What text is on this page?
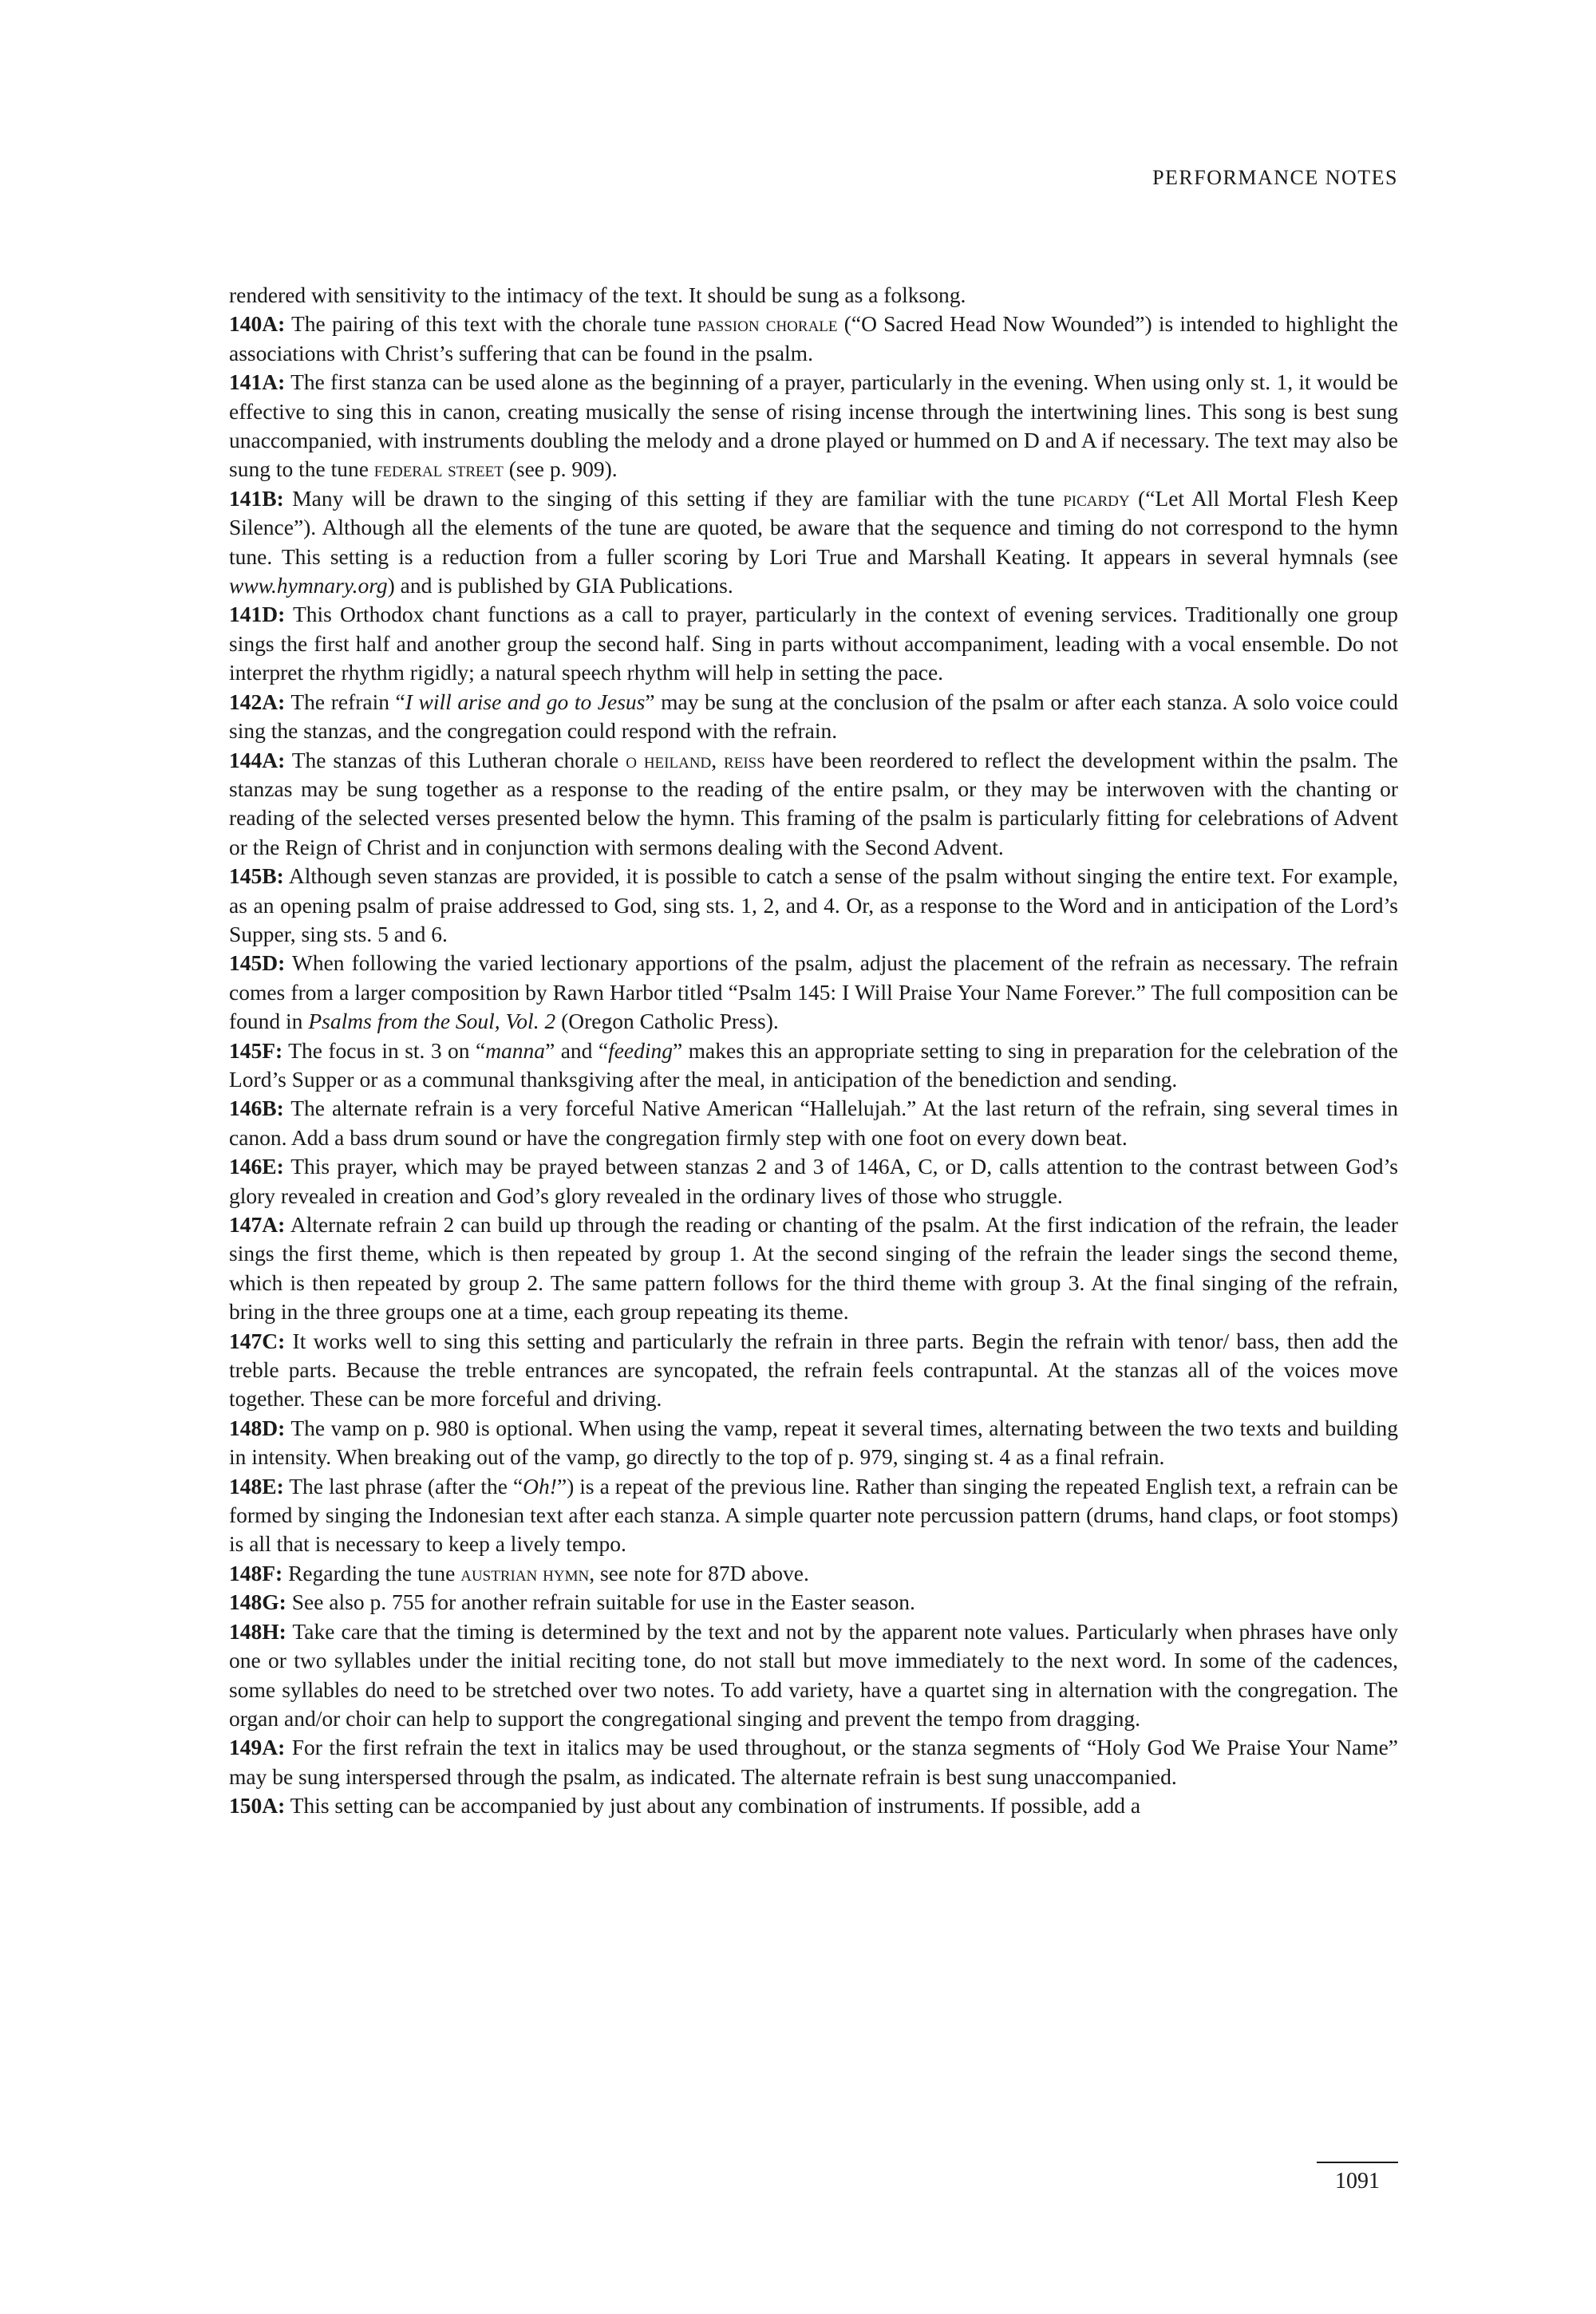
PERFORMANCE NOTES

rendered with sensitivity to the intimacy of the text. It should be sung as a folksong.

140A: The pairing of this text with the chorale tune passion chorale (“O Sacred Head Now Wounded”) is intended to highlight the associations with Christ’s suffering that can be found in the psalm.

141A: The first stanza can be used alone as the beginning of a prayer, particularly in the evening. When using only st. 1, it would be effective to sing this in canon, creating musically the sense of rising incense through the intertwining lines. This song is best sung unaccompanied, with instruments doubling the melody and a drone played or hummed on D and A if necessary. The text may also be sung to the tune federal street (see p. 909).

141B: Many will be drawn to the singing of this setting if they are familiar with the tune picardy (“Let All Mortal Flesh Keep Silence”). Although all the elements of the tune are quoted, be aware that the sequence and timing do not correspond to the hymn tune. This setting is a reduction from a fuller scoring by Lori True and Marshall Keating. It appears in several hymnals (see www.hymnary.org) and is published by GIA Publications.

141D: This Orthodox chant functions as a call to prayer, particularly in the context of evening services. Traditionally one group sings the first half and another group the second half. Sing in parts without accompaniment, leading with a vocal ensemble. Do not interpret the rhythm rigidly; a natural speech rhythm will help in setting the pace.

142A: The refrain “I will arise and go to Jesus” may be sung at the conclusion of the psalm or after each stanza. A solo voice could sing the stanzas, and the congregation could respond with the refrain.

144A: The stanzas of this Lutheran chorale o heiland, reiss have been reordered to reflect the development within the psalm. The stanzas may be sung together as a response to the reading of the entire psalm, or they may be interwoven with the chanting or reading of the selected verses presented below the hymn. This framing of the psalm is particularly fitting for celebrations of Advent or the Reign of Christ and in conjunction with sermons dealing with the Second Advent.

145B: Although seven stanzas are provided, it is possible to catch a sense of the psalm without singing the entire text. For example, as an opening psalm of praise addressed to God, sing sts. 1, 2, and 4. Or, as a response to the Word and in anticipation of the Lord’s Supper, sing sts. 5 and 6.

145D: When following the varied lectionary apportions of the psalm, adjust the placement of the refrain as necessary. The refrain comes from a larger composition by Rawn Harbor titled “Psalm 145: I Will Praise Your Name Forever.” The full composition can be found in Psalms from the Soul, Vol. 2 (Oregon Catholic Press).

145F: The focus in st. 3 on “manna” and “feeding” makes this an appropriate setting to sing in preparation for the celebration of the Lord’s Supper or as a communal thanksgiving after the meal, in anticipation of the benediction and sending.

146B: The alternate refrain is a very forceful Native American “Hallelujah.” At the last return of the refrain, sing several times in canon. Add a bass drum sound or have the congregation firmly step with one foot on every down beat.

146E: This prayer, which may be prayed between stanzas 2 and 3 of 146A, C, or D, calls attention to the contrast between God’s glory revealed in creation and God’s glory revealed in the ordinary lives of those who struggle.

147A: Alternate refrain 2 can build up through the reading or chanting of the psalm. At the first indication of the refrain, the leader sings the first theme, which is then repeated by group 1. At the second singing of the refrain the leader sings the second theme, which is then repeated by group 2. The same pattern follows for the third theme with group 3. At the final singing of the refrain, bring in the three groups one at a time, each group repeating its theme.

147C: It works well to sing this setting and particularly the refrain in three parts. Begin the refrain with tenor/ bass, then add the treble parts. Because the treble entrances are syncopated, the refrain feels contrapuntal. At the stanzas all of the voices move together. These can be more forceful and driving.

148D: The vamp on p. 980 is optional. When using the vamp, repeat it several times, alternating between the two texts and building in intensity. When breaking out of the vamp, go directly to the top of p. 979, singing st. 4 as a final refrain.

148E: The last phrase (after the “Oh!”) is a repeat of the previous line. Rather than singing the repeated English text, a refrain can be formed by singing the Indonesian text after each stanza. A simple quarter note percussion pattern (drums, hand claps, or foot stomps) is all that is necessary to keep a lively tempo.

148F: Regarding the tune austrian hymn, see note for 87D above.

148G: See also p. 755 for another refrain suitable for use in the Easter season.

148H: Take care that the timing is determined by the text and not by the apparent note values. Particularly when phrases have only one or two syllables under the initial reciting tone, do not stall but move immediately to the next word. In some of the cadences, some syllables do need to be stretched over two notes. To add variety, have a quartet sing in alternation with the congregation. The organ and/or choir can help to support the congregational singing and prevent the tempo from dragging.

149A: For the first refrain the text in italics may be used throughout, or the stanza segments of “Holy God We Praise Your Name” may be sung interspersed through the psalm, as indicated. The alternate refrain is best sung unaccompanied.

150A: This setting can be accompanied by just about any combination of instruments. If possible, add a

1091
